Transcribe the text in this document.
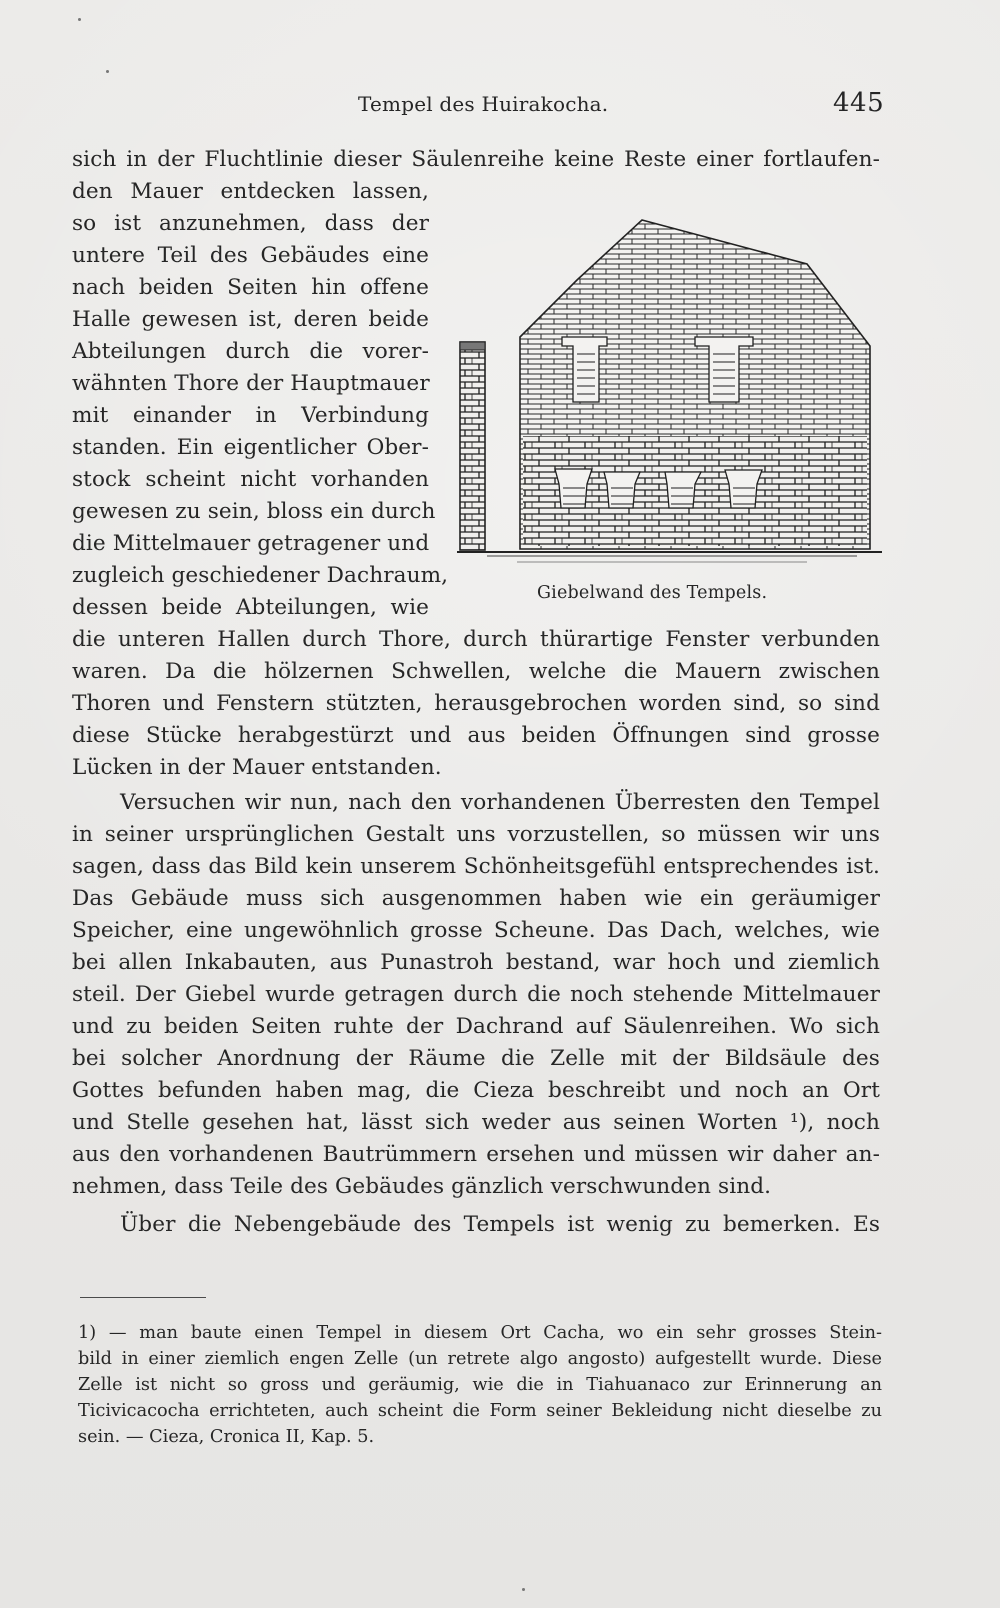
Tempel des Huirakocha.	445
sich in der Fluchtlinie dieser Säulenreihe keine Reste einer fortlaufen-
den Mauer entdecken lassen,
so ist anzunehmen, dass der
untere Teil des Gebäudes eine
nach beiden Seiten hin offene
Halle gewesen ist, deren beide
Abteilungen durch die vorer-
wähnten Thore der Hauptmauer
mit einander in Verbindung
standen. Ein eigentlicher Ober-
stock scheint nicht vorhanden
gewesen zu sein, bloss ein durch
die Mittelmauer getragener und
zugleich geschiedener Dachraum,
dessen beide Abteilungen, wie
die unteren Hallen durch Thore, durch thürartige Fenster verbunden
waren. Da die hölzernen Schwellen, welche die Mauern zwischen
Thoren und Fenstern stützten, herausgebrochen worden sind, so sind
diese Stücke herabgestürzt und aus beiden Öffnungen sind grosse
Lücken in der Mauer entstanden.
Versuchen wir nun, nach den vorhandenen Überresten den Tempel
in seiner ursprünglichen Gestalt uns vorzustellen, so müssen wir uns
sagen, dass das Bild kein unserem Schönheitsgefühl entsprechendes ist.
Das Gebäude muss sich ausgenommen haben wie ein geräumiger
Speicher, eine ungewöhnlich grosse Scheune. Das Dach, welches, wie
bei allen Inkabauten, aus Punastroh bestand, war hoch und ziemlich
steil. Der Giebel wurde getragen durch die noch stehende Mittelmauer
und zu beiden Seiten ruhte der Dachrand auf Säulenreihen. Wo sich
bei solcher Anordnung der Räume die Zelle mit der Bildsäule des
Gottes befunden haben mag, die Cieza beschreibt und noch an Ort
und Stelle gesehen hat, lässt sich weder aus seinen Worten ¹), noch
aus den vorhandenen Bautrümmern ersehen und müssen wir daher an-
nehmen, dass Teile des Gebäudes gänzlich verschwunden sind.
Über die Nebengebäude des Tempels ist wenig zu bemerken. Es
Giebelwand des Tempels.
1) — man baute einen Tempel in diesem Ort Cacha, wo ein sehr grosses Stein-
bild in einer ziemlich engen Zelle (un retrete algo angosto) aufgestellt wurde. Diese
Zelle ist nicht so gross und geräumig, wie die in Tiahuanaco zur Erinnerung an
Ticivicacocha errichteten, auch scheint die Form seiner Bekleidung nicht dieselbe zu
sein. — Cieza, Cronica II, Kap. 5.
